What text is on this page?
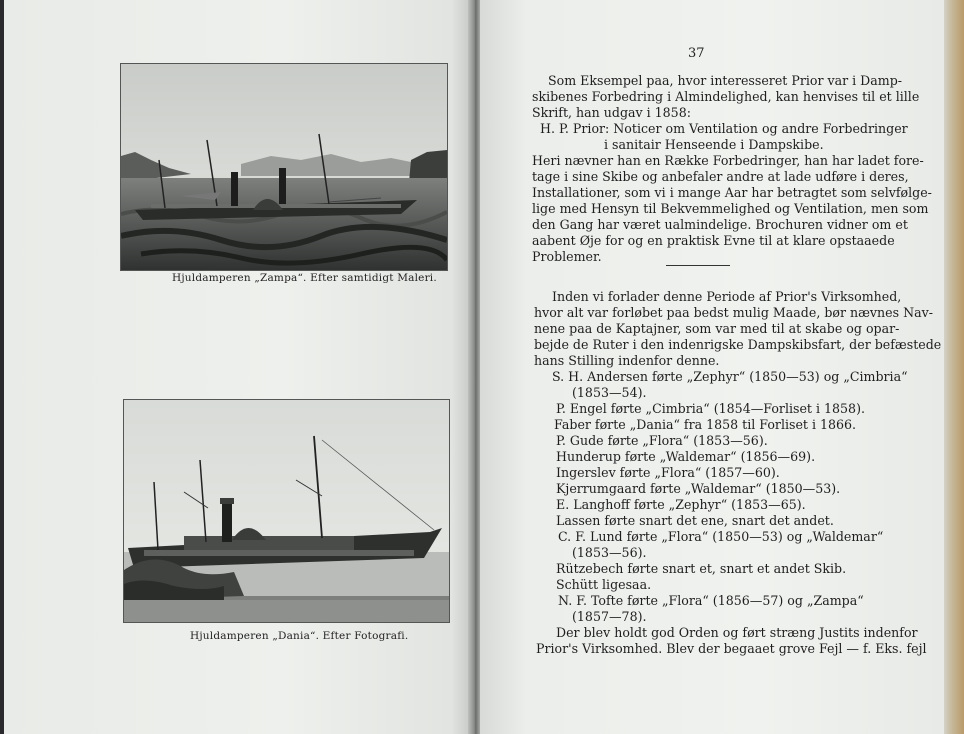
Hjuldamperen „Zampa“. Efter samtidigt Maleri.
Hjuldamperen „Dania“. Efter Fotografi.
37
Som Eksempel paa, hvor interesseret Prior var i Damp-
skibenes Forbedring i Almindelighed, kan henvises til et lille
Skrift, han udgav i 1858:
H. P. Prior: Noticer om Ventilation og andre Forbedringer
i sanitair Henseende i Dampskibe.
Heri nævner han en Række Forbedringer, han har ladet fore-
tage i sine Skibe og anbefaler andre at lade udføre i deres,
Installationer, som vi i mange Aar har betragtet som selvfølge-
lige med Hensyn til Bekvemmelighed og Ventilation, men som
den Gang har været ualmindelige. Brochuren vidner om et
aabent Øje for og en praktisk Evne til at klare opstaaede
Problemer.
Inden vi forlader denne Periode af Prior's Virksomhed,
hvor alt var forløbet paa bedst mulig Maade, bør nævnes Nav-
nene paa de Kaptajner, som var med til at skabe og opar-
bejde de Ruter i den indenrigske Dampskibsfart, der befæstede
hans Stilling indenfor denne.
S. H. Andersen førte „Zephyr“ (1850—53) og „Cimbria“
(1853—54).
P. Engel førte „Cimbria“ (1854—Forliset i 1858).
Faber førte „Dania“ fra 1858 til Forliset i 1866.
P. Gude førte „Flora“ (1853—56).
Hunderup førte „Waldemar“ (1856—69).
Ingerslev førte „Flora“ (1857—60).
Kjerrumgaard førte „Waldemar“ (1850—53).
E. Langhoff førte „Zephyr“ (1853—65).
Lassen førte snart det ene, snart det andet.
C. F. Lund førte „Flora“ (1850—53) og „Waldemar“
(1853—56).
Rützebech førte snart et, snart et andet Skib.
Schütt ligesaa.
N. F. Tofte førte „Flora“ (1856—57) og „Zampa“
(1857—78).
Der blev holdt god Orden og ført stræng Justits indenfor
Prior's Virksomhed. Blev der begaaet grove Fejl — f. Eks. fejl
